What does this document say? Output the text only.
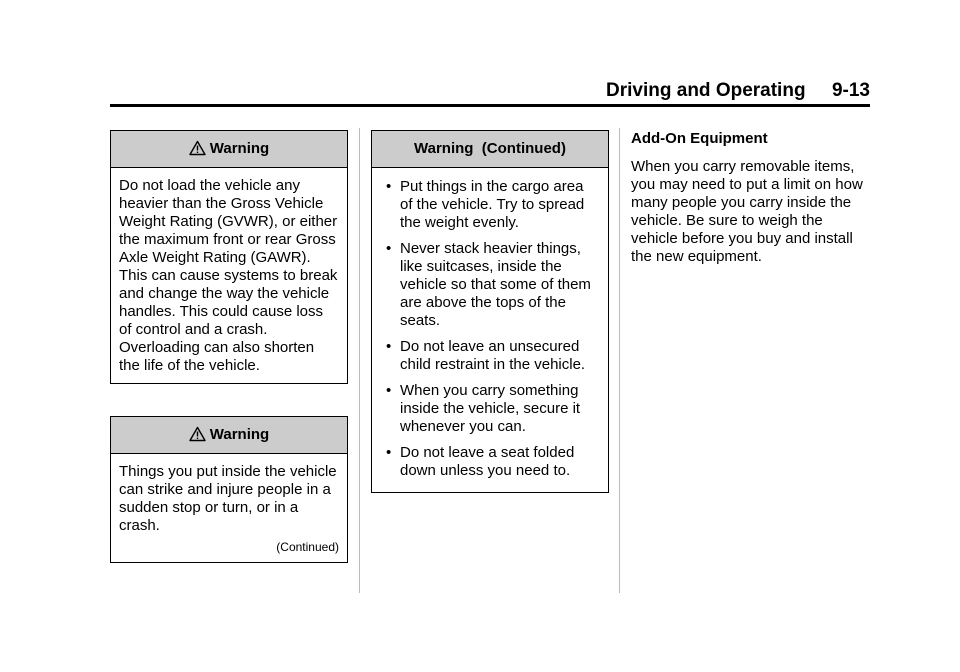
Driving and Operating 9-13
Warning
Do not load the vehicle any heavier than the Gross Vehicle Weight Rating (GVWR), or either the maximum front or rear Gross Axle Weight Rating (GAWR). This can cause systems to break and change the way the vehicle handles. This could cause loss of control and a crash. Overloading can also shorten the life of the vehicle.
Warning
Things you put inside the vehicle can strike and injure people in a sudden stop or turn, or in a crash.
(Continued)
Warning  (Continued)
• Put things in the cargo area of the vehicle. Try to spread the weight evenly.
• Never stack heavier things, like suitcases, inside the vehicle so that some of them are above the tops of the seats.
• Do not leave an unsecured child restraint in the vehicle.
• When you carry something inside the vehicle, secure it whenever you can.
• Do not leave a seat folded down unless you need to.
Add-On Equipment
When you carry removable items, you may need to put a limit on how many people you carry inside the vehicle. Be sure to weigh the vehicle before you buy and install the new equipment.
